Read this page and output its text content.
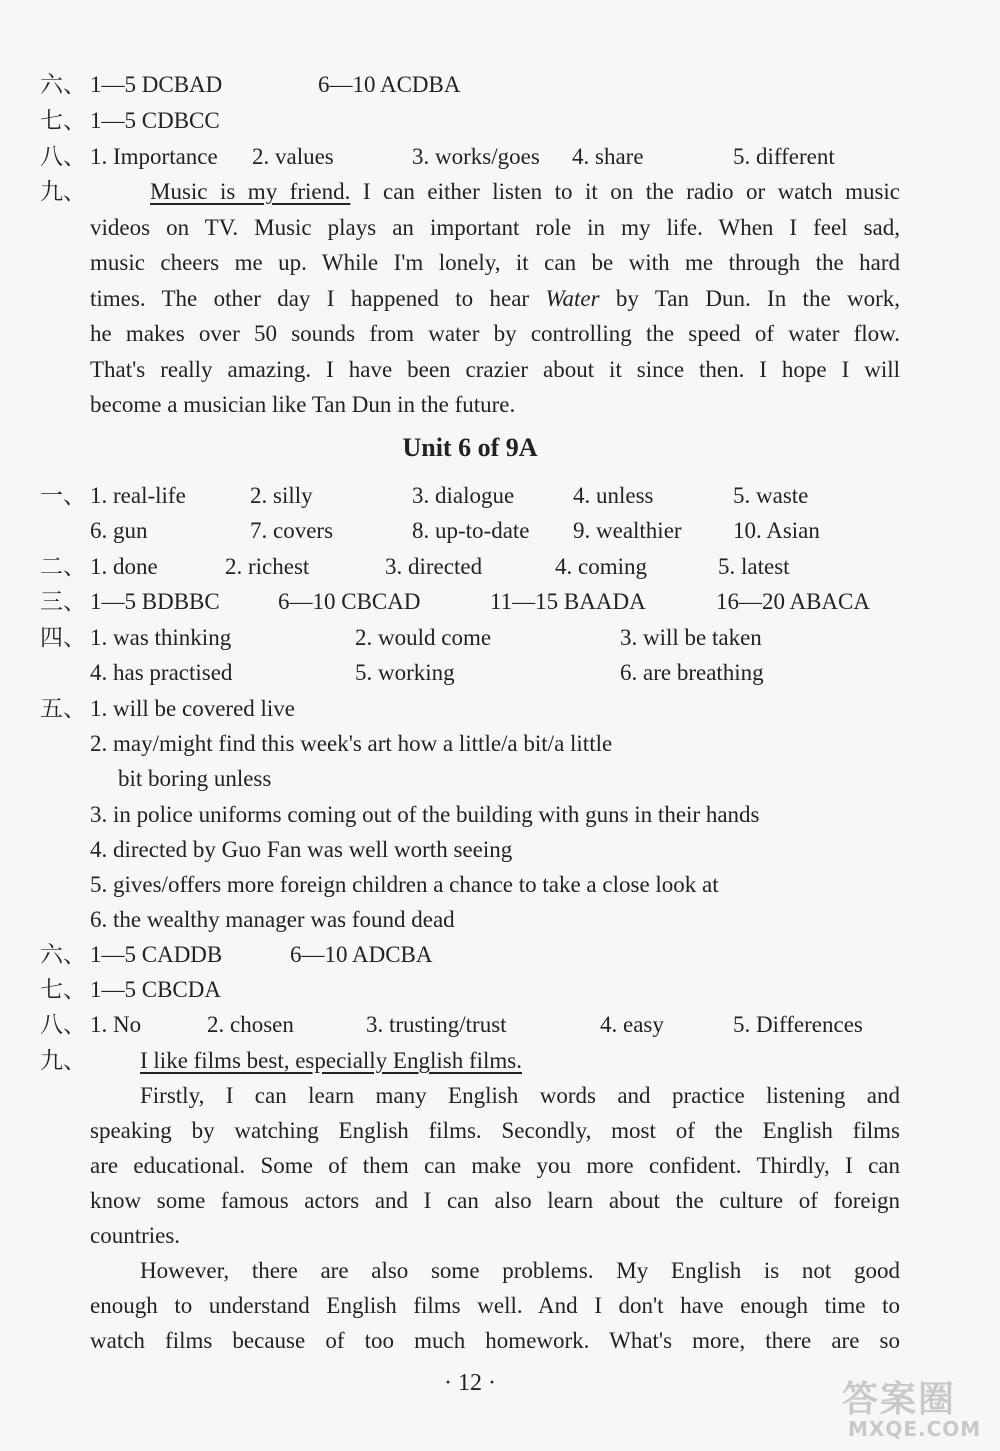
六、 1—5 DCBAD	6—10 ACDBA
七、 1—5 CDBCC
八、 1. Importance 2. values	3. works/goes 4. share	5. different
九、	Music is my friend. I can either listen to it on the radio or watch music
videos on TV. Music plays an important role in my life. When I feel sad,
music cheers me up. While I'm lonely, it can be with me through the hard
times. The other day I happened to hear Water by Tan Dun. In the work,
he makes over 50 sounds from water by controlling the speed of water flow.
That's really amazing. I have been crazier about it since then. I hope I will
become a musician like Tan Dun in the future.
Unit 6 of 9A
一、 1. real-life	2. silly	3. dialogue	4. unless	5. waste
6. gun	7. covers	8. up-to-date 9. wealthier 10. Asian
二、 1. done	2. richest	3. directed	4. coming	5. latest
三、 1—5 BDBBC	6—10 CBCAD	11—15 BAADA	16—20 ABACA
四、 1. was thinking	2. would come	3. will be taken
4. has practised	5. working	6. are breathing
五、 1. will be covered live
2. may/might find this week's art how a little/a bit/a little
bit boring unless
3. in police uniforms coming out of the building with guns in their hands
4. directed by Guo Fan was well worth seeing
5. gives/offers more foreign children a chance to take a close look at
6. the wealthy manager was found dead
六、 1—5 CADDB	6—10 ADCBA
七、 1—5 CBCDA
八、 1. No	2. chosen	3. trusting/trust	4. easy	5. Differences
九、 I like films best, especially English films.
Firstly, I can learn many English words and practice listening and
speaking by watching English films. Secondly, most of the English films
are educational. Some of them can make you more confident. Thirdly, I can
know some famous actors and I can also learn about the culture of foreign
countries.
However, there are also some problems. My English is not good
enough to understand English films well. And I don't have enough time to
watch films because of too much homework. What's more, there are so
· 12 ·	答案圈
MXQE.COM
